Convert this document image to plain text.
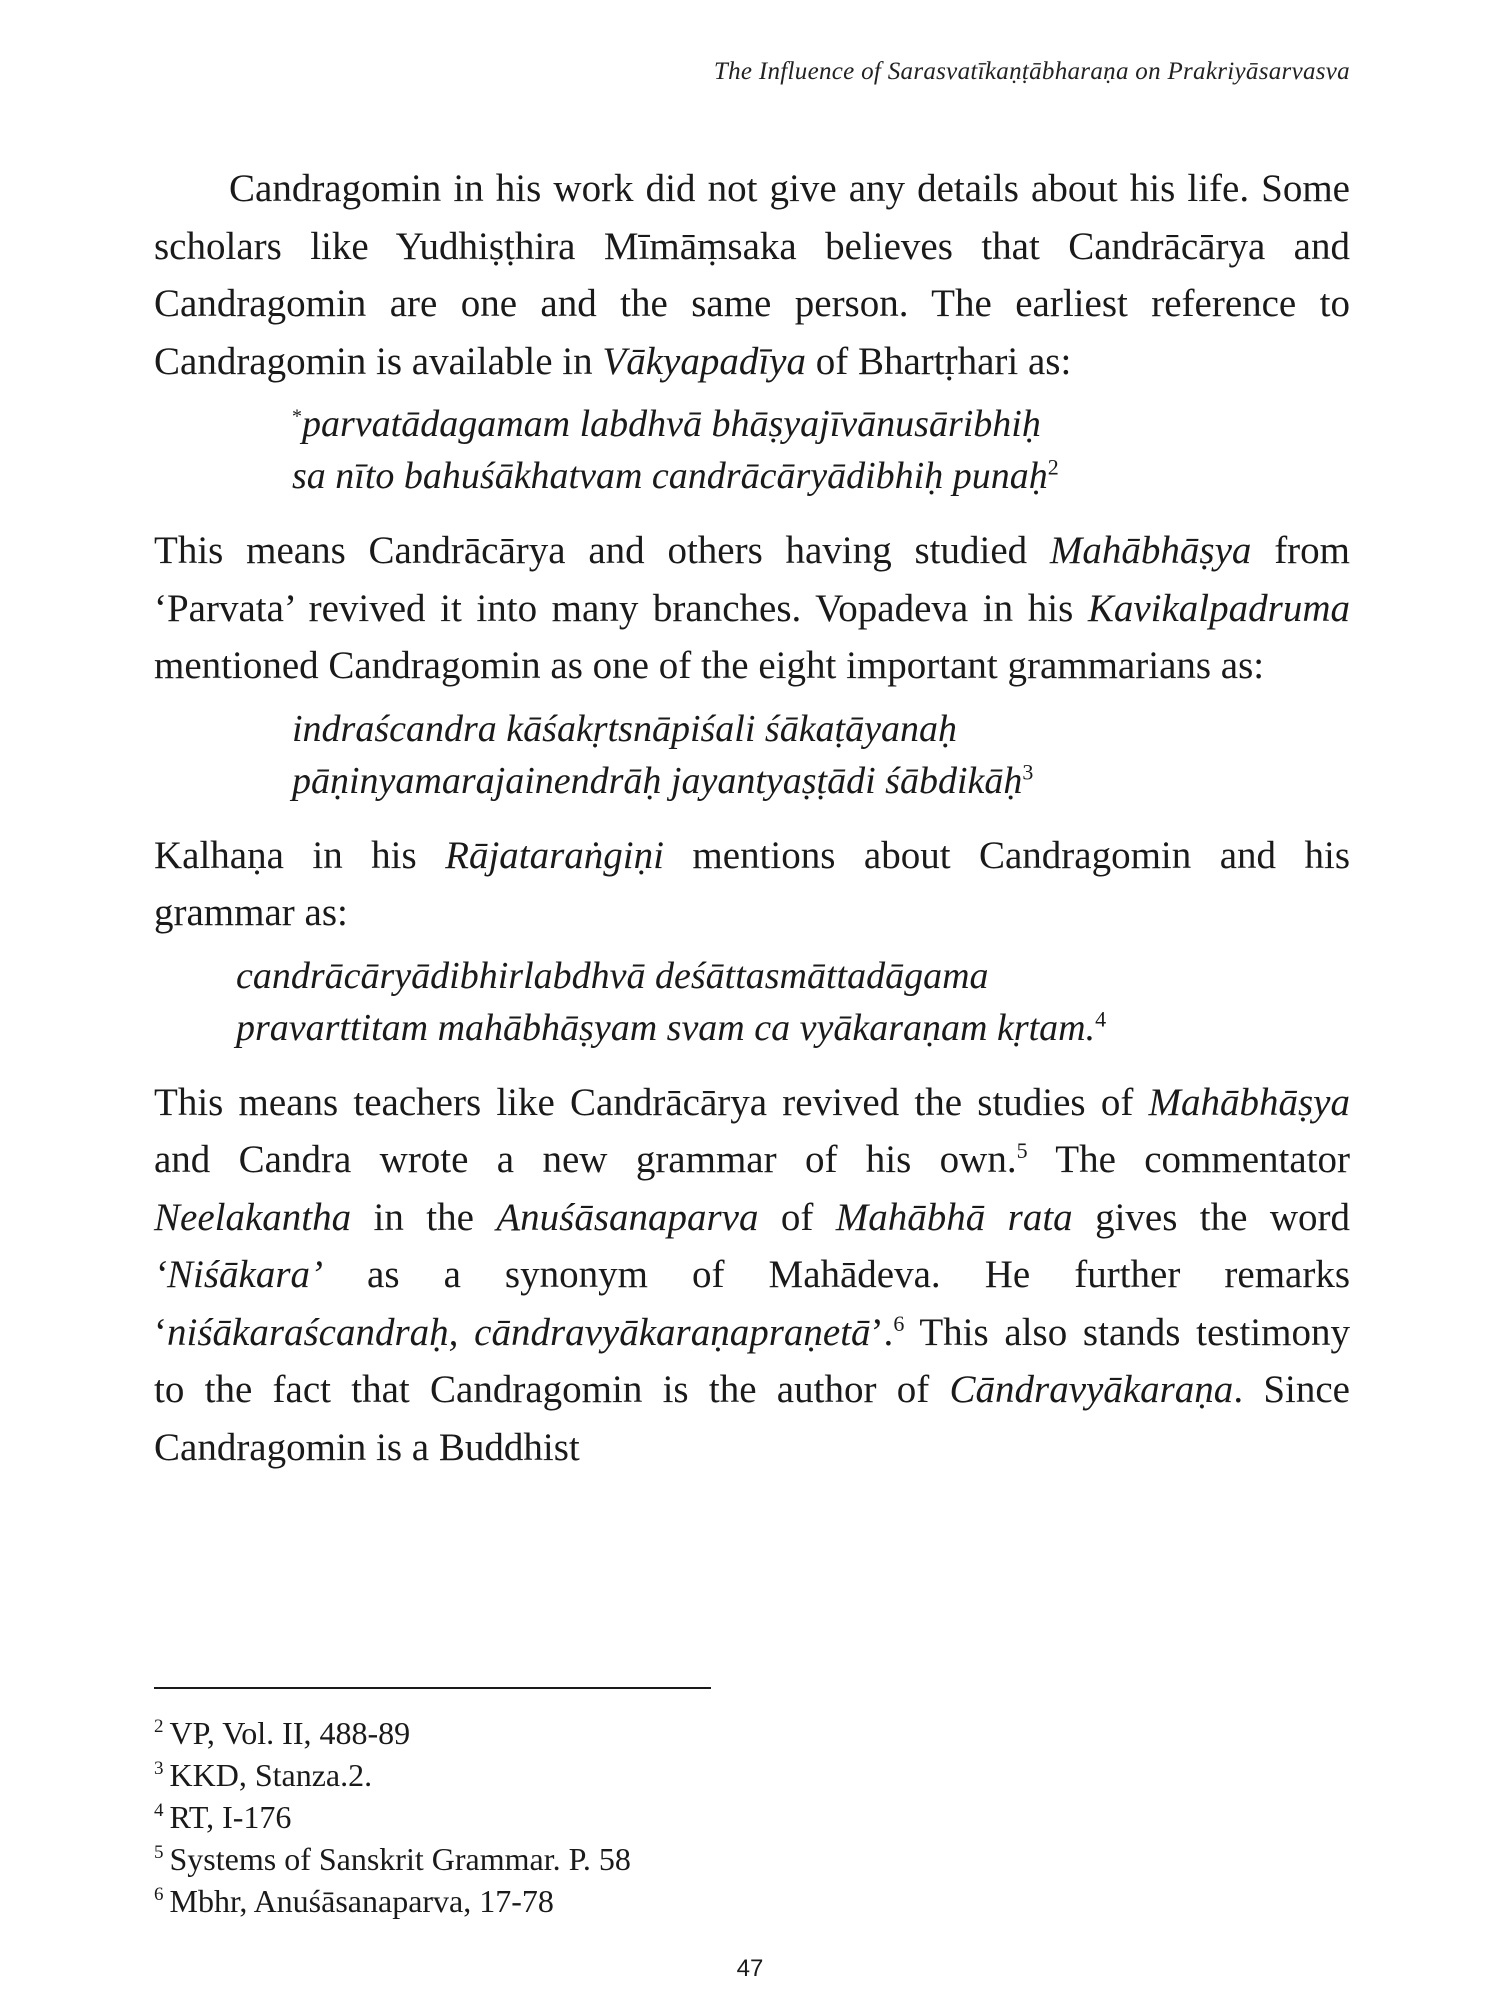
The Influence of Sarasvatīkaṇṭābharaṇa on Prakriyāsarvasva

Candragomin in his work did not give any details about his life. Some scholars like Yudhiṣṭhira Mīmāṃsaka believes that Candrācārya and Candragomin are one and the same person. The earliest reference to Candragomin is available in Vākyapadīya of Bhartṛhari as:

*parvatādagamam labdhvā bhāṣyajīvānusāribhiḥ
sa nīto bahuśākhatvam candrācāryādibhiḥ punaḥ$^2$

This means Candrācārya and others having studied Mahābhāṣya from ‘Parvata’ revived it into many branches. Vopadeva in his Kavikalpadruma mentioned Candragomin as one of the eight important grammarians as:

indraścandra kāśakṛtsnāpiśali śākaṭāyanaḥ
pāṇinyamarajainendrāḥ jayantyaṣṭādi śābdikāḥ$^3$

Kalhaṇa in his Rājataraṅgiṇi mentions about Candragomin and his grammar as:

candrācāryādibhirlabdhvā deśāttasmāttadāgama
pravarttitam mahābhāṣyam svam ca vyākaraṇam kṛtam.$^4$

This means teachers like Candrācārya revived the studies of Mahābhāṣya and Candra wrote a new grammar of his own.$^5$ The commentator Neelakantha in the Anuśāsanaparva of Mahābhā rata gives the word ‘Niśākara’ as a synonym of Mahādeva. He further remarks ‘niśākaraścandraḥ, cāndravyākaraṇapraṇetā’.$^6$ This also stands testimony to the fact that Candragomin is the author of Cāndravyākaraṇa. Since Candragomin is a Buddhist

$^2$ VP, Vol. II, 488-89
$^3$ KKD, Stanza.2.
$^4$ RT, I-176
$^5$ Systems of Sanskrit Grammar. P. 58
$^6$ Mbhr, Anuśāsanaparva, 17-78
47
